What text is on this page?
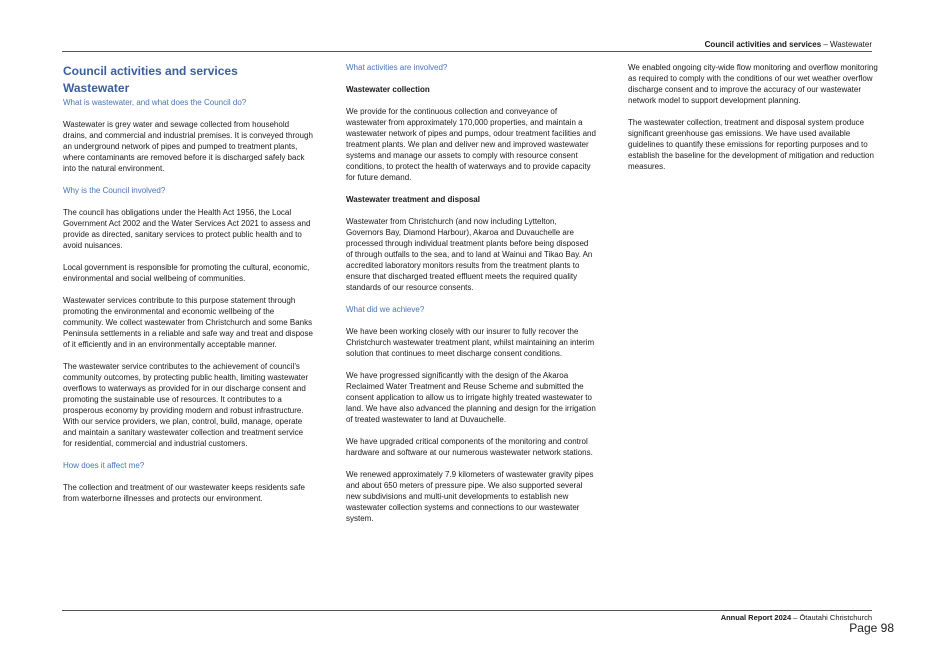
Council activities and services – Wastewater
Council activities and services
Wastewater

What is wastewater, and what does the Council do?

Wastewater is grey water and sewage collected from household drains, and commercial and industrial premises. It is conveyed through an underground network of pipes and pumped to treatment plants, where contaminants are removed before it is discharged safely back into the natural environment.

Why is the Council involved?

The council has obligations under the Health Act 1956, the Local Government Act 2002 and the Water Services Act 2021 to assess and provide as directed, sanitary services to protect public health and to avoid nuisances.

Local government is responsible for promoting the cultural, economic, environmental and social wellbeing of communities.

Wastewater services contribute to this purpose statement through promoting the environmental and economic wellbeing of the community. We collect wastewater from Christchurch and some Banks Peninsula settlements in a reliable and safe way and treat and dispose of it efficiently and in an environmentally acceptable manner.

The wastewater service contributes to the achievement of council’s community outcomes, by protecting public health, limiting wastewater overflows to waterways as provided for in our discharge consent and promoting the sustainable use of resources. It contributes to a prosperous economy by providing modern and robust infrastructure. With our service providers, we plan, control, build, manage, operate and maintain a sanitary wastewater collection and treatment service for residential, commercial and industrial customers.

How does it affect me?

The collection and treatment of our wastewater keeps residents safe from waterborne illnesses and protects our environment.

What activities are involved?

Wastewater collection

We provide for the continuous collection and conveyance of wastewater from approximately 170,000 properties, and maintain a wastewater network of pipes and pumps, odour treatment facilities and treatment plants. We plan and deliver new and improved wastewater systems and manage our assets to comply with resource consent conditions, to protect the health of waterways and to provide capacity for future demand.

Wastewater treatment and disposal

Wastewater from Christchurch (and now including Lyttelton, Governors Bay, Diamond Harbour), Akaroa and Duvauchelle are processed through individual treatment plants before being disposed of through outfalls to the sea, and to land at Wainui and Tikao Bay. An accredited laboratory monitors results from the treatment plants to ensure that discharged treated effluent meets the required quality standards of our resource consents.

What did we achieve?

We have been working closely with our insurer to fully recover the Christchurch wastewater treatment plant, whilst maintaining an interim solution that continues to meet discharge consent conditions.

We have progressed significantly with the design of the Akaroa Reclaimed Water Treatment and Reuse Scheme and submitted the consent application to allow us to irrigate highly treated wastewater to land. We have also advanced the planning and design for the irrigation of treated wastewater to land at Duvauchelle.

We have upgraded critical components of the monitoring and control hardware and software at our numerous wastewater network stations.

We renewed approximately 7.9 kilometers of wastewater gravity pipes and about 650 meters of pressure pipe. We also supported several new subdivisions and multi-unit developments to establish new wastewater collection systems and connections to our wastewater system.

We enabled ongoing city-wide flow monitoring and overflow monitoring as required to comply with the conditions of our wet weather overflow discharge consent and to improve the accuracy of our wastewater network model to support development planning.

The wastewater collection, treatment and disposal system produce significant greenhouse gas emissions. We have used available guidelines to quantify these emissions for reporting purposes and to establish the baseline for the development of mitigation and reduction measures.

Annual Report 2024 – Ōtautahi Christchurch
Page 98
